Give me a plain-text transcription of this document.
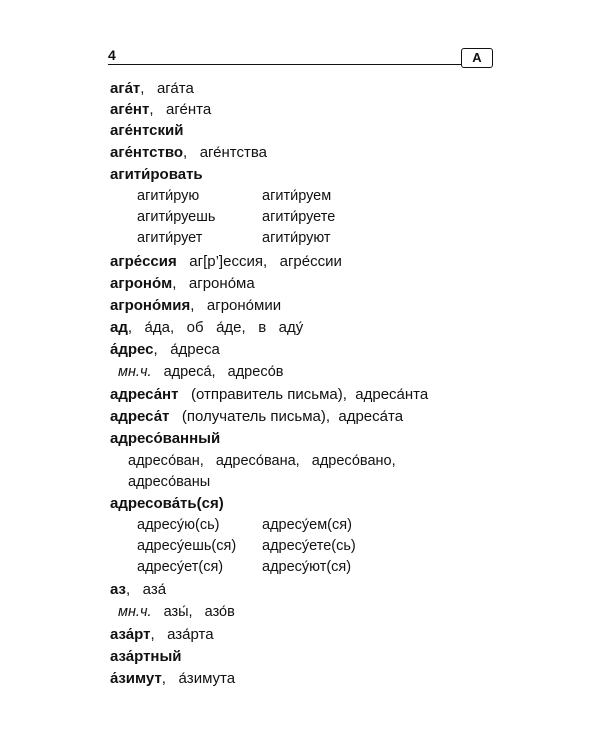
4	А
ага́т,   ага́та
аге́нт,   аге́нта
аге́нтский
аге́нтство,   аге́нтства
агити́ровать
агити́рую	агити́руем
агити́руешь	агити́руете
агити́рует	агити́руют
агре́ссия аг[р’]ессия,   агре́ссии
агроно́м,   агроно́ма
агроно́мия,   агроно́мии
ад,   а́да,   об   а́де,   в   аду́
а́дрес,   а́дреса
мн.ч. адреса́,   адресо́в
адреса́нт (отправитель письма),  адреса́нта
адреса́т (получатель письма),  адреса́та
адресо́ванный
адресо́ван,   адресо́вана,   адресо́вано,
адресо́ваны
адресова́ть(ся)
адресу́ю(сь)	адресу́ем(ся)
адресу́ешь(ся)	адресу́ете(сь)
адресу́ет(ся)	адресу́ют(ся)
аз,   аза́
мн.ч. азы́,   азо́в
аза́рт,   аза́рта
аза́ртный
а́зимут,   а́зимута
